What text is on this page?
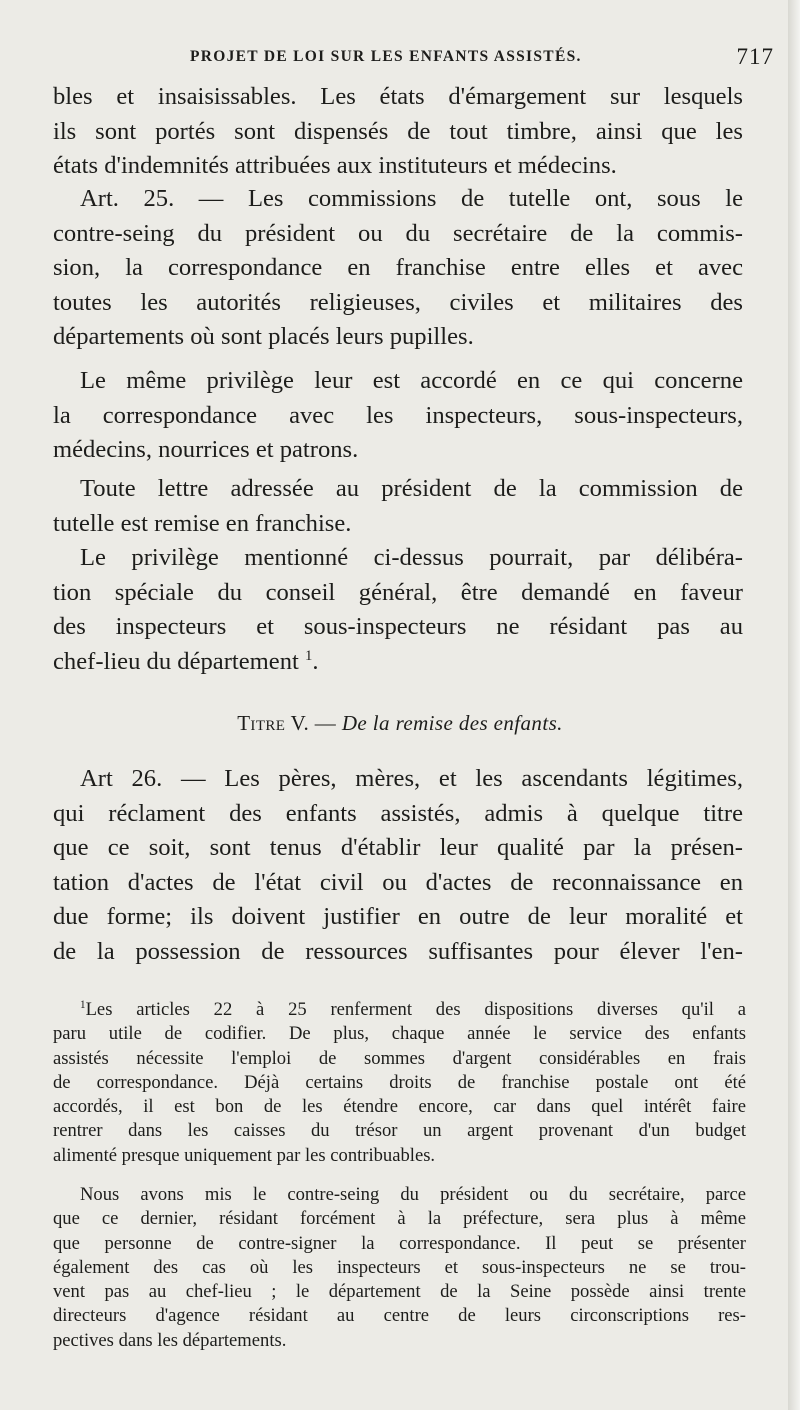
PROJET DE LOI SUR LES ENFANTS ASSISTÉS.	717

bles et insaisissables. Les états d'émargement sur lesquels

ils sont portés sont dispensés de tout timbre, ainsi que les

états d'indemnités attribuées aux instituteurs et médecins.

Art. 25. — Les commissions de tutelle ont, sous le

contre-seing du président ou du secrétaire de la commis-

sion, la correspondance en franchise entre elles et avec

toutes les autorités religieuses, civiles et militaires des

départements où sont placés leurs pupilles.

Le même privilège leur est accordé en ce qui concerne

la correspondance avec les inspecteurs, sous-inspecteurs,

médecins, nourrices et patrons.

Toute lettre adressée au président de la commission de

tutelle est remise en franchise.

Le privilège mentionné ci-dessus pourrait, par délibéra-

tion spéciale du conseil général, être demandé en faveur

des inspecteurs et sous-inspecteurs ne résidant pas au

chef-lieu du département $^1$.

Titre V. — De la remise des enfants.

Art 26. — Les pères, mères, et les ascendants légitimes,

qui réclament des enfants assistés, admis à quelque titre

que ce soit, sont tenus d'établir leur qualité par la présen-

tation d'actes de l'état civil ou d'actes de reconnaissance en

due forme; ils doivent justifier en outre de leur moralité et

de la possession de ressources suffisantes pour élever l'en-

$^1$Les articles 22 à 25 renferment des dispositions diverses qu'il a

paru utile de codifier. De plus, chaque année le service des enfants

assistés nécessite l'emploi de sommes d'argent considérables en frais

de correspondance. Déjà certains droits de franchise postale ont été

accordés, il est bon de les étendre encore, car dans quel intérêt faire

rentrer dans les caisses du trésor un argent provenant d'un budget

alimenté presque uniquement par les contribuables.

Nous avons mis le contre-seing du président ou du secrétaire, parce

que ce dernier, résidant forcément à la préfecture, sera plus à même

que personne de contre-signer la correspondance. Il peut se présenter

également des cas où les inspecteurs et sous-inspecteurs ne se trou-

vent pas au chef-lieu ; le département de la Seine possède ainsi trente

directeurs d'agence résidant au centre de leurs circonscriptions res-

pectives dans les départements.
